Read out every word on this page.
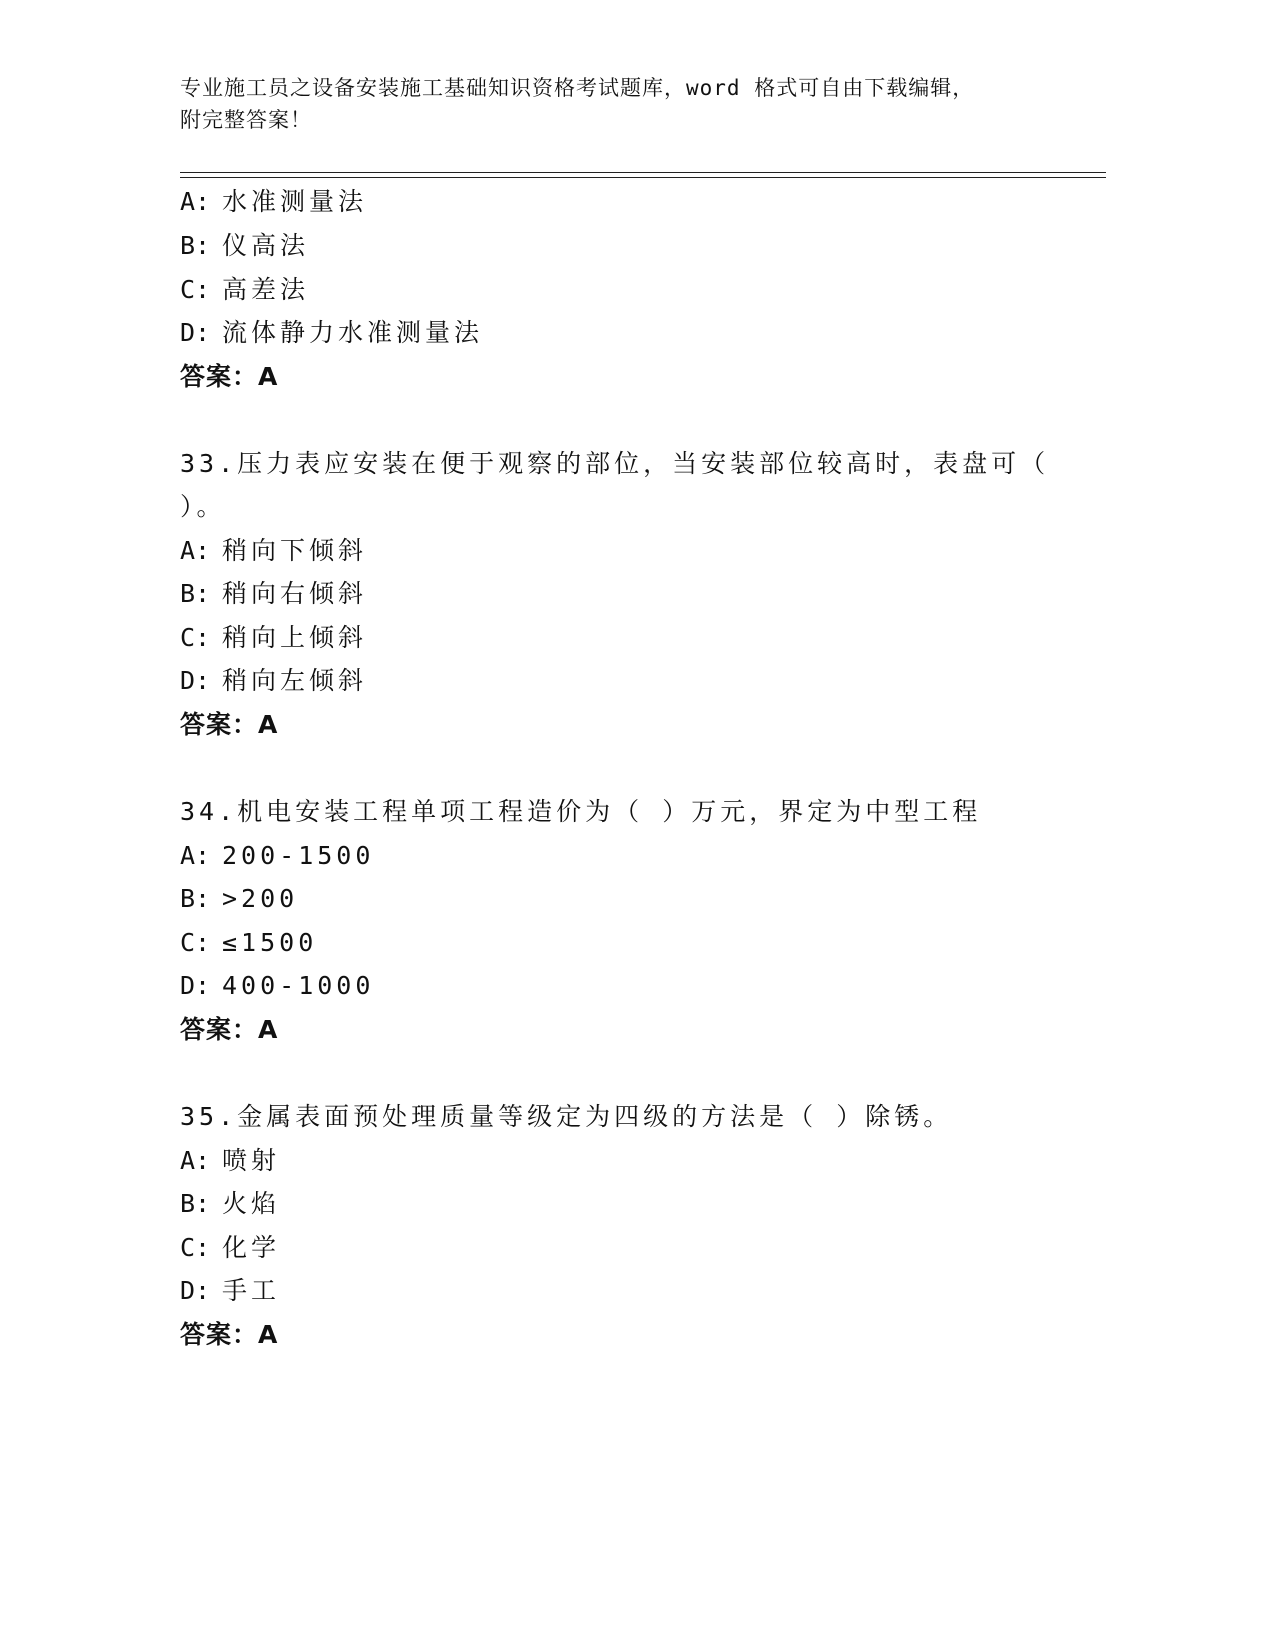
专业施工员之设备安装施工基础知识资格考试题库，word 格式可自由下载编辑，
附完整答案！
A: 水准测量法
B: 仪高法
C: 高差法
D: 流体静力水准测量法
答案：A
33.压力表应安装在便于观察的部位，当安装部位较高时，表盘可（
）。
A: 稍向下倾斜
B: 稍向右倾斜
C: 稍向上倾斜
D: 稍向左倾斜
答案：A
34.机电安装工程单项工程造价为（ ）万元，界定为中型工程
A: 200-1500
B: >200
C: ≤1500
D: 400-1000
答案：A
35.金属表面预处理质量等级定为四级的方法是（ ）除锈。
A: 喷射
B: 火焰
C: 化学
D: 手工
答案：A
